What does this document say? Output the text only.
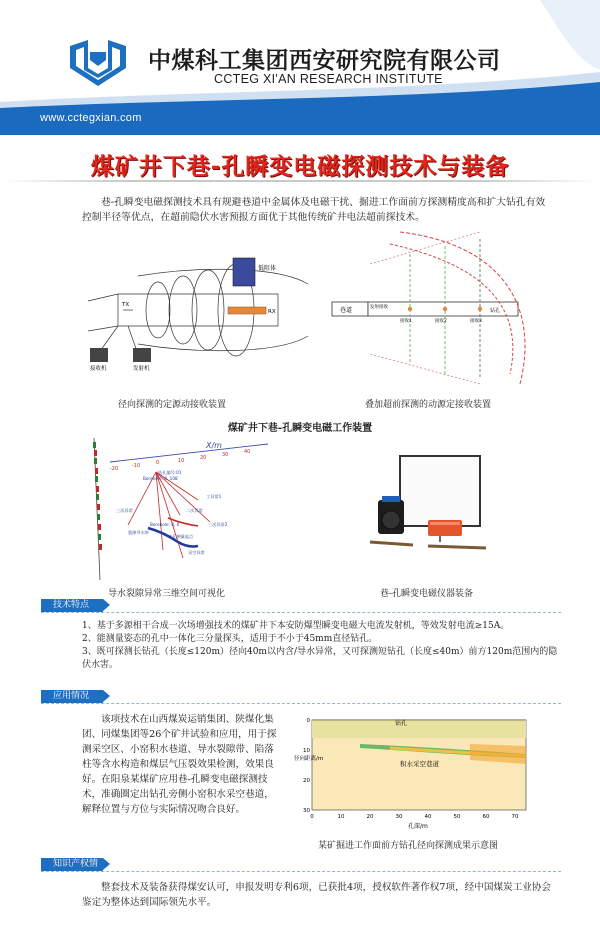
中煤科工集团西安研究院有限公司
CCTEG XI'AN RESEARCH INSTITUTE
www.cctegxian.com
煤矿井下巷-孔瞬变电磁探测技术与装备
巷-孔瞬变电磁探测技术具有规避巷道中金属体及电磁干扰、掘进工作面前方探测精度高和扩大钻孔有效控制半径等优点，在超前隐伏水害预报方面优于其他传统矿井电法超前探技术。
低阻体
TX
RX
接收机	发射机
径向探测的定源动接收装置
巷道	发射接收
接收1	接收2	接收3
钻孔
叠加超前探测的动源定接收装置
煤矿井下巷-孔瞬变电磁工作装置
-20	-10	0	10	20	30	40
X/m
钻孔编号:01
Borehole: 0, 108
工异常1
二次异常
三次异常
三次异常2
裂隙导水带
Borehole: 0, 0
钻孔测量起点
采空异常
导水裂隙异常三维空间可视化	巷-孔瞬变电磁仪器装备
技术特点
1、基于多源相干合成一次场增强技术的煤矿井下本安防爆型瞬变电磁大电流发射机，等效发射电流≥15A。
2、能测量姿态的孔中一体化三分量探头，适用于不小于45mm直径钻孔。
3、既可探测长钻孔（长度≤120m）径向40m以内含/导水异常，又可探测短钻孔（长度≤40m）前方120m范围内的隐伏水害。
应用情况
该项技术在山西煤炭运销集团、陕煤化集团、同煤集团等26个矿井试验和应用，用于探测采空区、小窑积水巷道、导水裂隙带、陷落柱等含水构造和煤层气压裂效果检测，效果良好。在阳泉某煤矿应用巷-孔瞬变电磁探测技术，准确圈定出钻孔旁侧小窑积水采空巷道，解释位置与方位与实际情况吻合良好。
钻孔
积水采空巷道
径向距离/m
0
10
20
30
0	10	20	30	40	50	60	70
孔深/m
某矿掘进工作面前方钻孔径向探测成果示意图
知识产权情况
整套技术及装备获得煤安认可，申报发明专利6项，已获批4项，授权软件著作权7项，经中国煤炭工业协会鉴定为整体达到国际领先水平。
